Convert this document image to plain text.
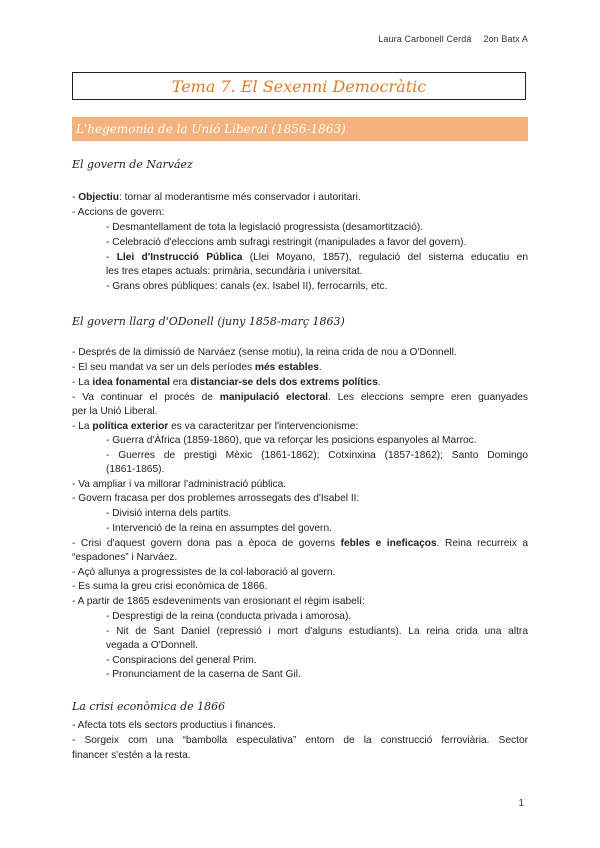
Laura Carbonell Cerdá 2on Batx A
Tema 7. El Sexenni Democràtic
L'hegemonia de la Unió Liberal (1856-1863)
El govern de Narváez
- Objectiu: tornar al moderantisme més conservador i autoritari.
- Accions de govern:
- Desmantellament de tota la legislació progressista (desamortització).
- Celebració d'eleccions amb sufragi restringit (manipulades a favor del govern).
- Llei d'Instrucció Pública (Llei Moyano, 1857), regulació del sistema educatiu en
les tres etapes actuals: primària, secundària i universitat.
- Grans obres públiques: canals (ex. Isabel II), ferrocarrils, etc.
El govern llarg d'ODonell (juny 1858-març 1863)
- Després de la dimissió de Narváez (sense motiu), la reina crida de nou a O'Donnell.
- El seu mandat va ser un dels períodes més estables.
- La idea fonamental era distanciar-se dels dos extrems polítics.
- Va continuar el procés de manipulació electoral. Les eleccions sempre eren guanyades
per la Unió Liberal.
- La política exterior es va caracteritzar per l'intervencionisme:
- Guerra d'Àfrica (1859-1860), que va reforçar les posicions espanyoles al Marroc.
- Guerres de prestigi Mèxic (1861-1862); Cotxinxina (1857-1862); Santo Domingo
(1861-1865).
- Va ampliar i va millorar l'administració pública.
- Govern fracasa per dos problemes arrossegats des d'Isabel II:
- Divisió interna dels partits.
- Intervenció de la reina en assumptes del govern.
- Crisi d'aquest govern dona pas a època de governs febles e ineficaços. Reina recurreix a
“espadones” i Narváez.
- Açò allunya a progressistes de la col·laboració al govern.
- Es suma la greu crisi econòmica de 1866.
- A partir de 1865 esdeveniments van erosionant el règim isabelí:
- Desprestigi de la reina (conducta privada i amorosa).
- Nit de Sant Daniel (repressió i mort d'alguns estudiants). La reina crida una altra
vegada a O'Donnell.
- Conspiracions del general Prim.
- Pronunciament de la caserna de Sant Gil.
La crisi econòmica de 1866
- Afecta tots els sectors productius i finances.
- Sorgeix com una “bambolla especulativa” entorn de la construcció ferroviària. Sector
financer s'estén a la resta.
1
